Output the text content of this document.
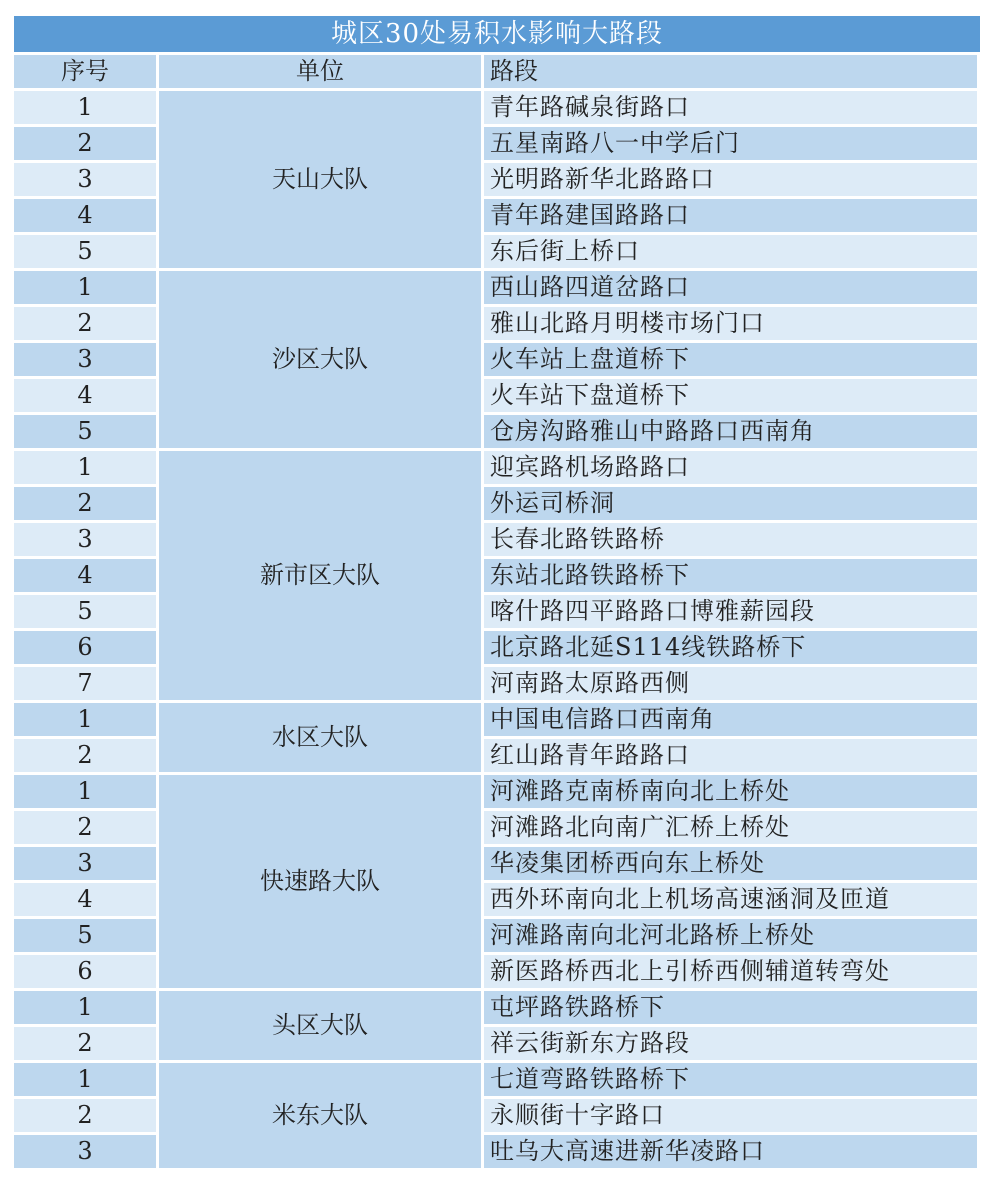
城区30处易积水影响大路段
序号	单位	路段
1	天山大队	青年路碱泉街路口
2		五星南路八一中学后门
3		光明路新华北路路口
4		青年路建国路路口
5		东后街上桥口
1	沙区大队	西山路四道岔路口
2		雅山北路月明楼市场门口
3		火车站上盘道桥下
4		火车站下盘道桥下
5		仓房沟路雅山中路路口西南角
1	新市区大队	迎宾路机场路路口
2		外运司桥洞
3		长春北路铁路桥
4		东站北路铁路桥下
5		喀什路四平路路口博雅薪园段
6		北京路北延S114线铁路桥下
7		河南路太原路西侧
1	水区大队	中国电信路口西南角
2		红山路青年路路口
1	快速路大队	河滩路克南桥南向北上桥处
2		河滩路北向南广汇桥上桥处
3		华凌集团桥西向东上桥处
4		西外环南向北上机场高速涵洞及匝道
5		河滩路南向北河北路桥上桥处
6		新医路桥西北上引桥西侧辅道转弯处
1	头区大队	屯坪路铁路桥下
2		祥云街新东方路段
1	米东大队	七道弯路铁路桥下
2		永顺街十字路口
3		吐乌大高速进新华凌路口
